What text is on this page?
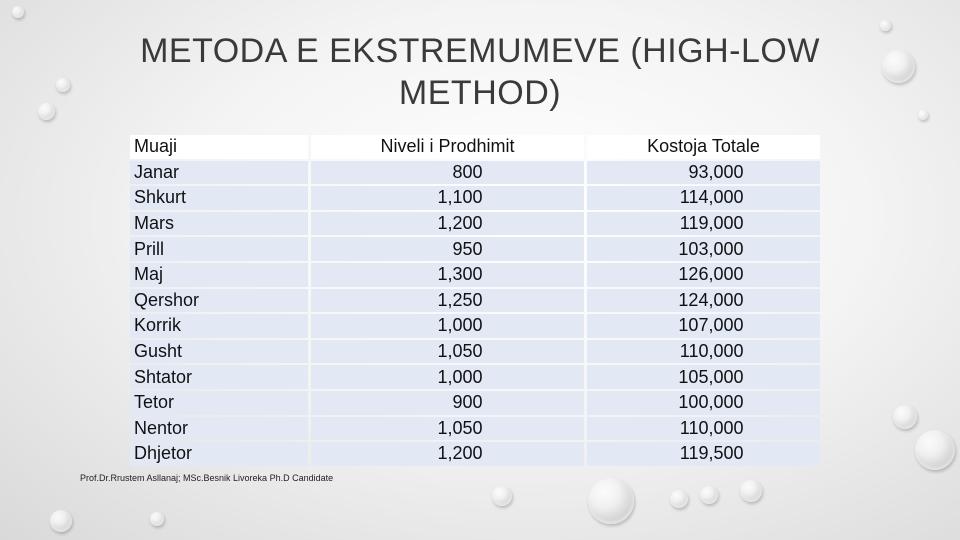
METODA E EKSTREMUMEVE (HIGH-LOW METHOD)
Muaji	Niveli i Prodhimit	Kostoja Totale
Janar	800	93,000
Shkurt	1,100	114,000
Mars	1,200	119,000
Prill	950	103,000
Maj	1,300	126,000
Qershor	1,250	124,000
Korrik	1,000	107,000
Gusht	1,050	110,000
Shtator	1,000	105,000
Tetor	900	100,000
Nentor	1,050	110,000
Dhjetor	1,200	119,500
Prof.Dr.Rrustem Asllanaj; MSc.Besnik Livoreka Ph.D Candidate
